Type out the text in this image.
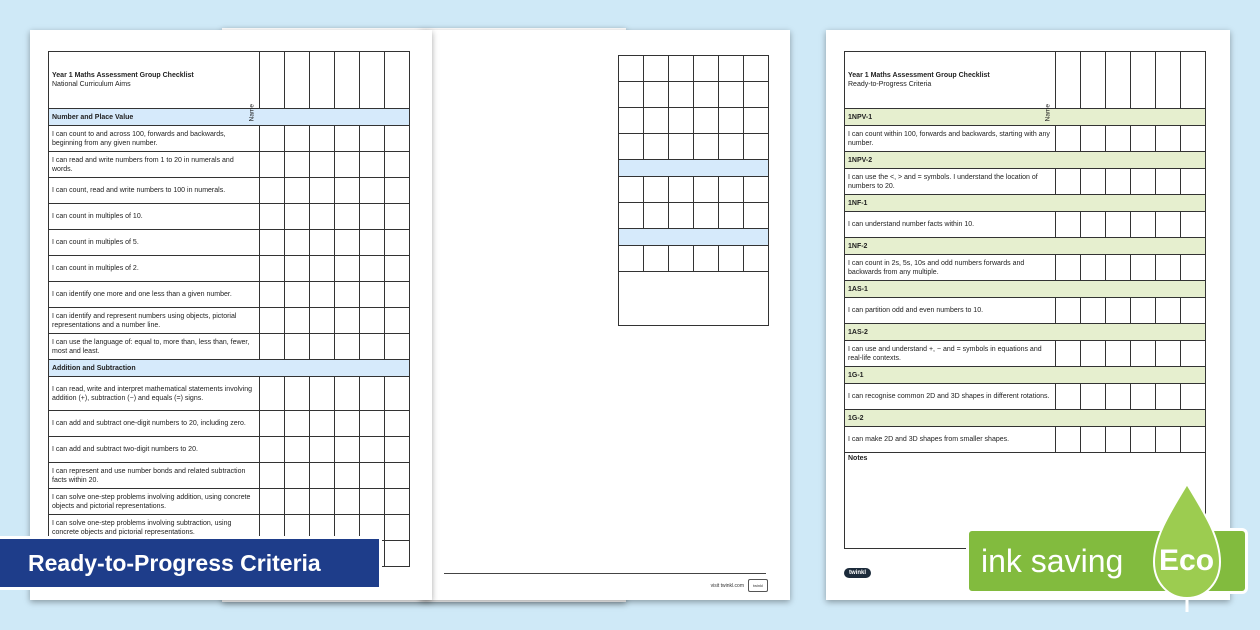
visit twinkl.com	twinkl
Year 1 Maths Assessment Group Checklist
National Curriculum Aims
Name						

Number and Place Value						
I can count to and across 100, forwards and backwards, beginning from any given number.						
I can read and write numbers from 1 to 20 in numerals and words.						
I can count, read and write numbers to 100 in numerals.						
I can count in multiples of 10.						
I can count in multiples of 5.						
I can count in multiples of 2.						
I can identify one more and one less than a given number.						
I can identify and represent numbers using objects, pictorial representations and a number line.						
I can use the language of: equal to, more than, less than, fewer, most and least.						
Addition and Subtraction						
I can read, write and interpret mathematical statements involving addition (+), subtraction (−) and equals (=) signs.						
I can add and subtract one-digit numbers to 20, including zero.						
I can add and subtract two-digit numbers to 20.						
I can represent and use number bonds and related subtraction facts within 20.						
I can solve one-step problems involving addition, using concrete objects and pictorial representations.						
I can solve one-step problems involving subtraction, using concrete objects and pictorial representations.						

Year 1 Maths Assessment Group Checklist
Ready-to-Progress Criteria
Name						

1NPV-1						
I can count within 100, forwards and backwards, starting with any number.						
1NPV-2						
I can use the <, > and = symbols. I understand the location of numbers to 20.						
1NF-1						
I can understand number facts within 10.						
1NF-2						
I can count in 2s, 5s, 10s and odd numbers forwards and backwards from any multiple.						
1AS-1						
I can partition odd and even numbers to 10.						
1AS-2						
I can use and understand +, − and = symbols in equations and real-life contexts.						
1G-1						
I can recognise common 2D and 3D shapes in different rotations.						
1G-2						
I can make 2D and 3D shapes from smaller shapes.						
Notes						
twinkl
Ready-to-Progress Criteria	ink saving Eco
